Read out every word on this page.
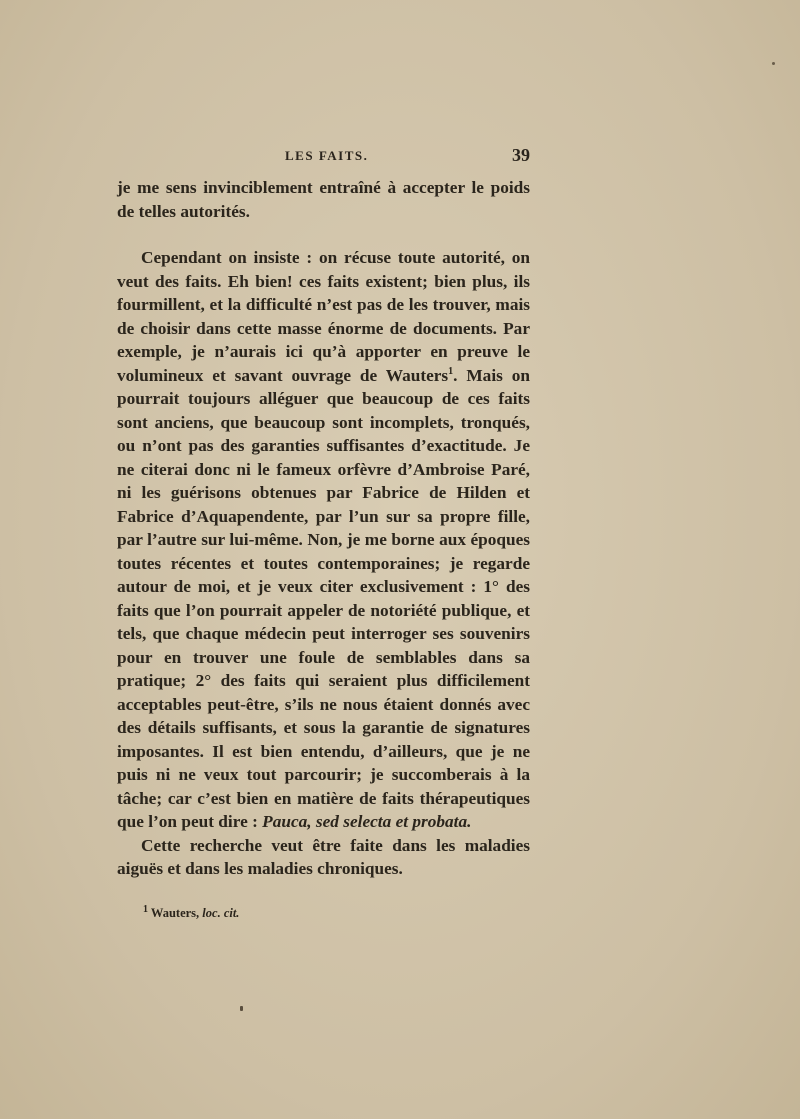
LES FAITS.	39

je me sens invinciblement entraîné à accepter le poids de telles autorités.

Cependant on insiste : on récuse toute autorité, on veut des faits. Eh bien! ces faits existent; bien plus, ils fourmillent, et la difficulté n’est pas de les trouver, mais de choisir dans cette masse énorme de documents. Par exemple, je n’aurais ici qu’à apporter en preuve le volumineux et savant ouvrage de Wauters$^1$. Mais on pourrait toujours alléguer que beaucoup de ces faits sont anciens, que beaucoup sont incomplets, tronqués, ou n’ont pas des garanties suffisantes d’exactitude. Je ne citerai donc ni le fameux orfèvre d’Ambroise Paré, ni les guérisons obtenues par Fabrice de Hilden et Fabrice d’Aquapendente, par l’un sur sa propre fille, par l’autre sur lui-même. Non, je me borne aux époques toutes récentes et toutes contemporaines; je regarde autour de moi, et je veux citer exclusivement : 1° des faits que l’on pourrait appeler de notoriété publique, et tels, que chaque médecin peut interroger ses souvenirs pour en trouver une foule de semblables dans sa pratique; 2° des faits qui seraient plus difficilement acceptables peut-être, s’ils ne nous étaient donnés avec des détails suffisants, et sous la garantie de signatures imposantes. Il est bien entendu, d’ailleurs, que je ne puis ni ne veux tout parcourir; je succomberais à la tâche; car c’est bien en matière de faits thérapeutiques que l’on peut dire : Pauca, sed selecta et probata.

Cette recherche veut être faite dans les maladies aiguës et dans les maladies chroniques.

$^1$ Wauters, loc. cit.
